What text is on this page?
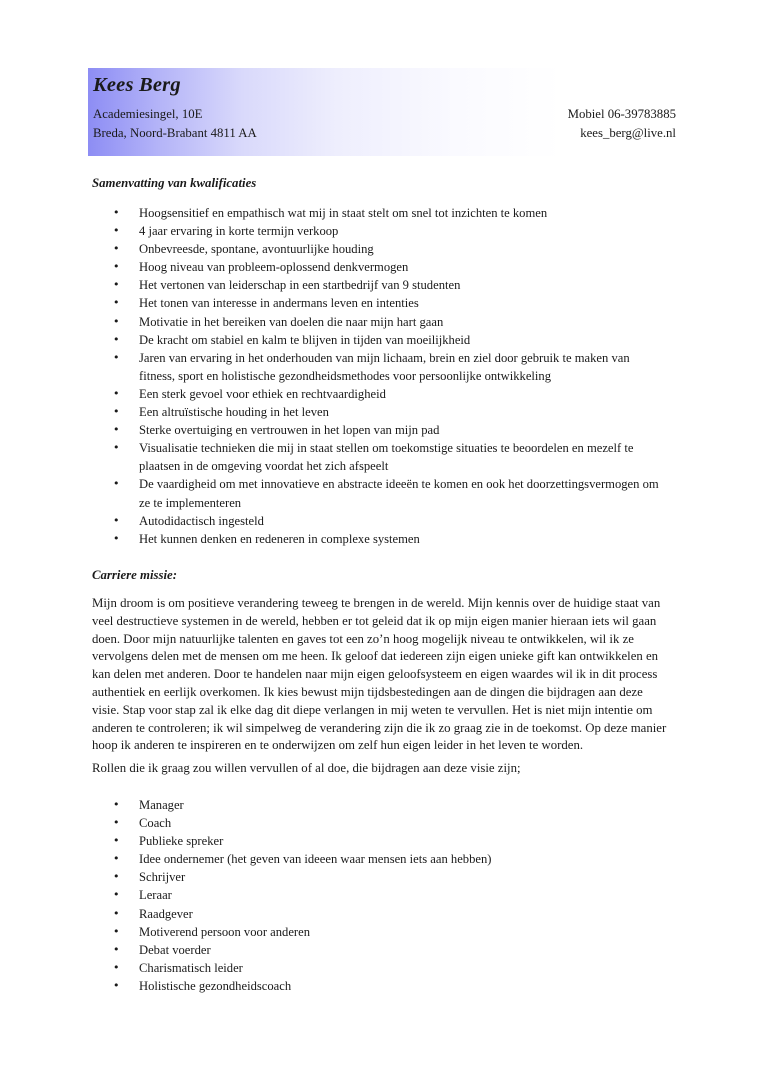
Kees Berg
Academiesingel, 10E
Breda, Noord-Brabant 4811 AA
Mobiel 06-39783885
kees_berg@live.nl
Samenvatting van kwalificaties
• Hoogsensitief en empathisch wat mij in staat stelt om snel tot inzichten te komen
• 4 jaar ervaring in korte termijn verkoop
• Onbevreesde, spontane, avontuurlijke houding
• Hoog niveau van probleem-oplossend denkvermogen
• Het vertonen van leiderschap in een startbedrijf van 9 studenten
• Het tonen van interesse in andermans leven en intenties
• Motivatie in het bereiken van doelen die naar mijn hart gaan
• De kracht om stabiel en kalm te blijven in tijden van moeilijkheid
• Jaren van ervaring in het onderhouden van mijn lichaam, brein en ziel door gebruik te maken van
fitness, sport en holistische gezondheidsmethodes voor persoonlijke ontwikkeling
• Een sterk gevoel voor ethiek en rechtvaardigheid
• Een altruïstische houding in het leven
• Sterke overtuiging en vertrouwen in het lopen van mijn pad
• Visualisatie technieken die mij in staat stellen om toekomstige situaties te beoordelen en mezelf te
plaatsen in de omgeving voordat het zich afspeelt
• De vaardigheid om met innovatieve en abstracte ideeën te komen en ook het doorzettingsvermogen om
ze te implementeren
• Autodidactisch ingesteld
• Het kunnen denken en redeneren in complexe systemen
Carriere missie:

Mijn droom is om positieve verandering teweeg te brengen in de wereld. Mijn kennis over de huidige staat van
veel destructieve systemen in de wereld, hebben er tot geleid dat ik op mijn eigen manier hieraan iets wil gaan
doen. Door mijn natuurlijke talenten en gaves tot een zo’n hoog mogelijk niveau te ontwikkelen, wil ik ze
vervolgens delen met de mensen om me heen. Ik geloof dat iedereen zijn eigen unieke gift kan ontwikkelen en
kan delen met anderen. Door te handelen naar mijn eigen geloofsysteem en eigen waardes wil ik in dit process
authentiek en eerlijk overkomen. Ik kies bewust mijn tijdsbestedingen aan de dingen die bijdragen aan deze
visie. Stap voor stap zal ik elke dag dit diepe verlangen in mij weten te vervullen. Het is niet mijn intentie om
anderen te controleren; ik wil simpelweg de verandering zijn die ik zo graag zie in de toekomst. Op deze manier
hoop ik anderen te inspireren en te onderwijzen om zelf hun eigen leider in het leven te worden.

Rollen die ik graag zou willen vervullen of al doe, die bijdragen aan deze visie zijn;

• Manager
• Coach
• Publieke spreker
• Idee ondernemer (het geven van ideeen waar mensen iets aan hebben)
• Schrijver
• Leraar
• Raadgever
• Motiverend persoon voor anderen
• Debat voerder
• Charismatisch leider
• Holistische gezondheidscoach
